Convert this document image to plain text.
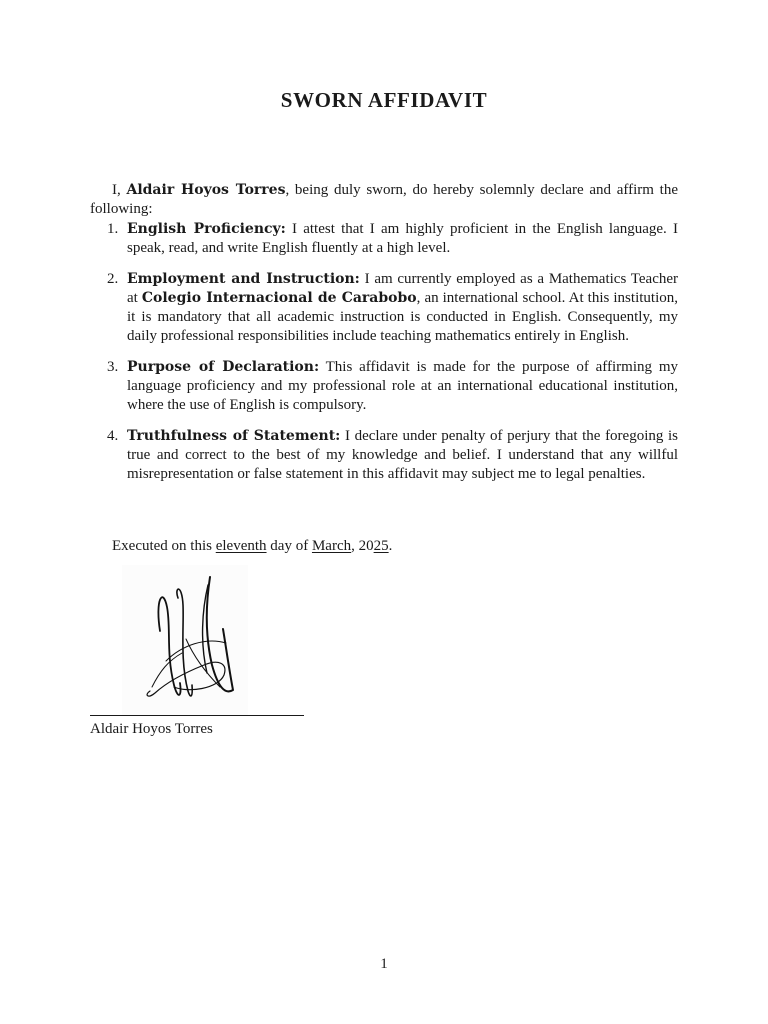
SWORN AFFIDAVIT

I, Aldair Hoyos Torres, being duly sworn, do hereby solemnly declare and affirm the following:

1. English Proficiency: I attest that I am highly proficient in the English language. I speak, read, and write English fluently at a high level.
2. Employment and Instruction: I am currently employed as a Mathematics Teacher at Colegio Internacional de Carabobo, an international school. At this institution, it is mandatory that all academic instruction is conducted in English. Consequently, my daily professional responsibilities include teaching mathematics entirely in English.
3. Purpose of Declaration: This affidavit is made for the purpose of affirming my language proficiency and my professional role at an international educational institution, where the use of English is compulsory.
4. Truthfulness of Statement: I declare under penalty of perjury that the foregoing is true and correct to the best of my knowledge and belief. I understand that any willful misrepresentation or false statement in this affidavit may subject me to legal penalties.
Executed on this eleventh day of March, 2025.
Aldair Hoyos Torres
1
